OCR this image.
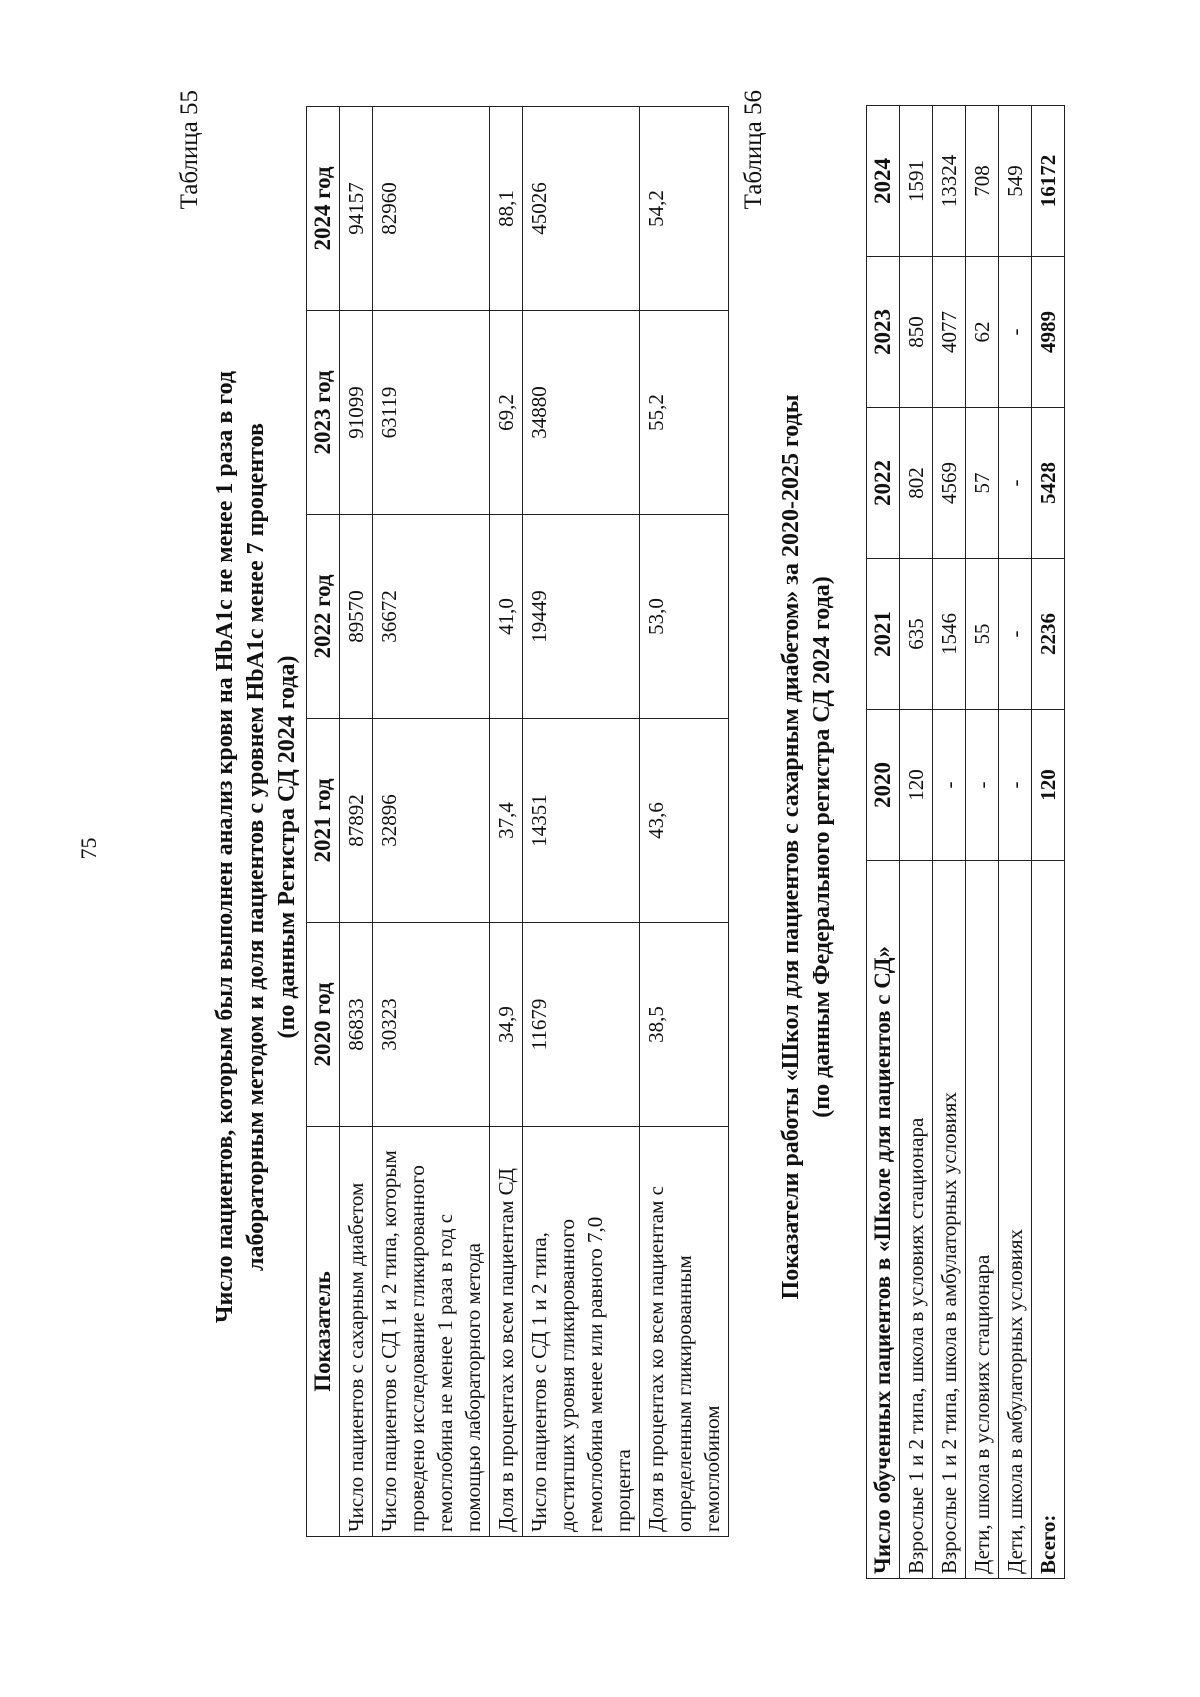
75
Таблица 55
Число пациентов, которым был выполнен анализ крови на HbA1c не менее 1 раза в год лабораторным методом и доля пациентов с уровнем HbA1c менее 7 процентов (по данным Регистра СД 2024 года)
Показатель	2020 год	2021 год	2022 год	2023 год	2024 год
Число пациентов с сахарным диабетом	86833	87892	89570	91099	94157
Число пациентов с СД 1 и 2 типа, которым проведено исследование гликированного гемоглобина не менее 1 раза в год с помощью лабораторного метода	30323	32896	36672	63119	82960
Доля в процентах ко всем пациентам СД	34,9	37,4	41,0	69,2	88,1
Число пациентов с СД 1 и 2 типа, достигших уровня гликированного гемоглобина менее или равного 7,0 процента	11679	14351	19449	34880	45026
Доля в процентах ко всем пациентам с определенным гликированным гемоглобином	38,5	43,6	53,0	55,2	54,2	Таблица 56
Показатели работы «Школ для пациентов с сахарным диабетом» за 2020-2025 годы (по данным Федерального регистра СД 2024 года)
Число обученных пациентов в «Школе для пациентов с СД»	2020	2021	2022	2023	2024
Взрослые 1 и 2 типа, школа в условиях стационара	120	635	802	850	1591
Взрослые 1 и 2 типа, школа в амбулаторных условиях	-	1546	4569	4077	13324
Дети, школа в условиях стационара	-	55	57	62	708
Дети, школа в амбулаторных условиях	-	-	-	-	549
Всего:	120	2236	5428	4989	16172
